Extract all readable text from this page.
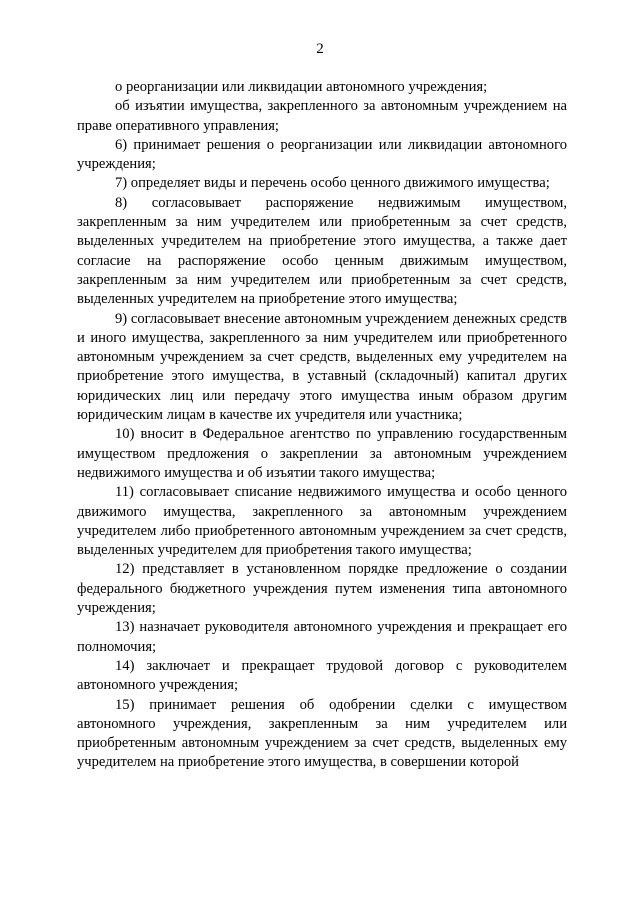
2

о реорганизации или ликвидации автономного учреждения;

об изъятии имущества, закрепленного за автономным учреждением на праве оперативного управления;

6) принимает решения о реорганизации или ликвидации автономного учреждения;

7) определяет виды и перечень особо ценного движимого имущества;

8) согласовывает распоряжение недвижимым имуществом, закрепленным за ним учредителем или приобретенным за счет средств, выделенных учредителем на приобретение этого имущества, а также дает согласие на распоряжение особо ценным движимым имуществом, закрепленным за ним учредителем или приобретенным за счет средств, выделенных учредителем на приобретение этого имущества;

9) согласовывает внесение автономным учреждением денежных средств и иного имущества, закрепленного за ним учредителем или приобретенного автономным учреждением за счет средств, выделенных ему учредителем на приобретение этого имущества, в уставный (складочный) капитал других юридических лиц или передачу этого имущества иным образом другим юридическим лицам в качестве их учредителя или участника;

10) вносит в Федеральное агентство по управлению государственным имуществом предложения о закреплении за автономным учреждением недвижимого имущества и об изъятии такого имущества;

11) согласовывает списание недвижимого имущества и особо ценного движимого имущества, закрепленного за автономным учреждением учредителем либо приобретенного автономным учреждением за счет средств, выделенных учредителем для приобретения такого имущества;

12) представляет в установленном порядке предложение о создании федерального бюджетного учреждения путем изменения типа автономного учреждения;

13) назначает руководителя автономного учреждения и прекращает его полномочия;

14) заключает и прекращает трудовой договор с руководителем автономного учреждения;

15) принимает решения об одобрении сделки с имуществом автономного учреждения, закрепленным за ним учредителем или приобретенным автономным учреждением за счет средств, выделенных ему учредителем на приобретение этого имущества, в совершении которой
